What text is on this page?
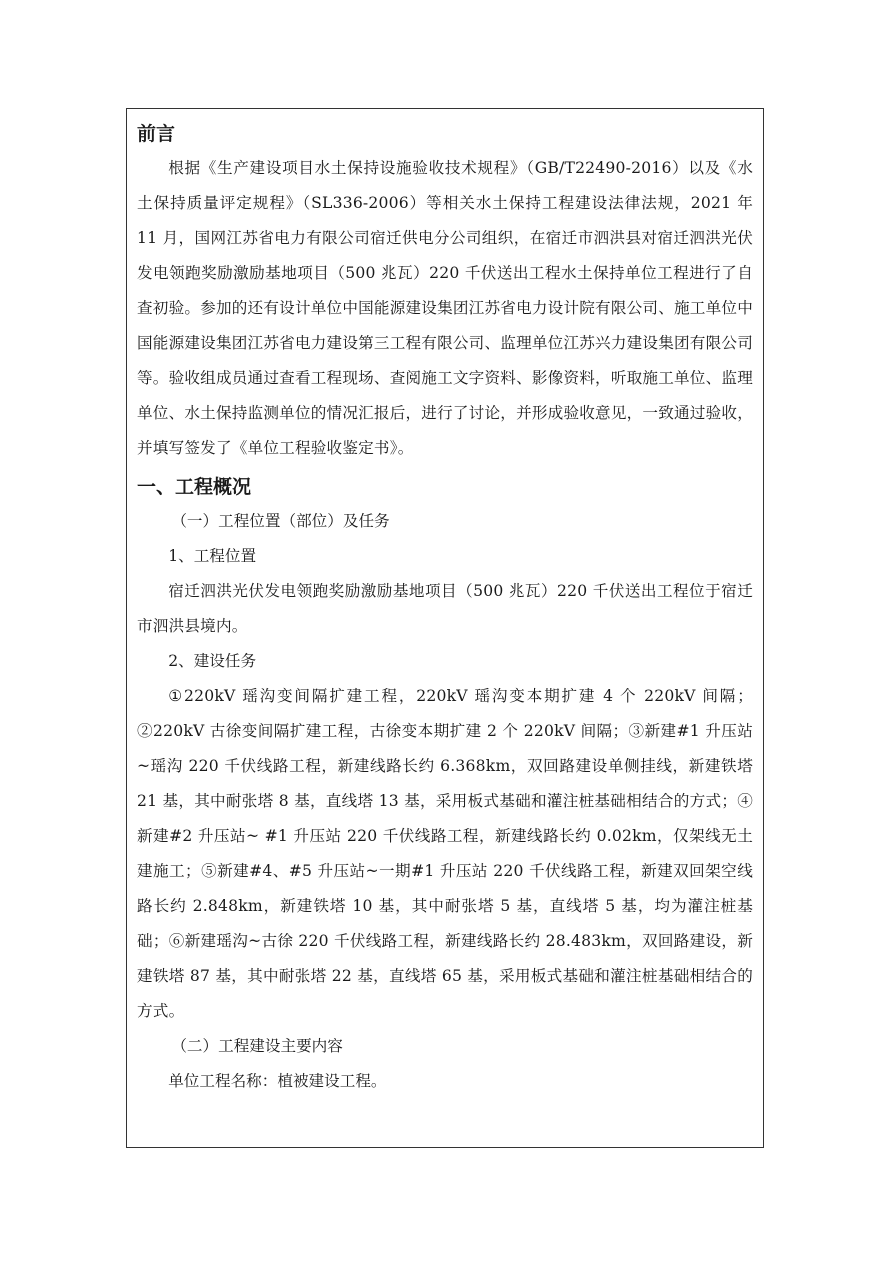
前言

根据《生产建设项目水土保持设施验收技术规程》（GB/T22490-2016）以及《水土保持质量评定规程》（SL336-2006）等相关水土保持工程建设法律法规，2021 年 11 月，国网江苏省电力有限公司宿迁供电分公司组织，在宿迁市泗洪县对宿迁泗洪光伏发电领跑奖励激励基地项目（500 兆瓦）220 千伏送出工程水土保持单位工程进行了自查初验。参加的还有设计单位中国能源建设集团江苏省电力设计院有限公司、施工单位中国能源建设集团江苏省电力建设第三工程有限公司、监理单位江苏兴力建设集团有限公司等。验收组成员通过查看工程现场、查阅施工文字资料、影像资料，听取施工单位、监理单位、水土保持监测单位的情况汇报后，进行了讨论，并形成验收意见，一致通过验收，并填写签发了《单位工程验收鉴定书》。

一、工程概况

（一）工程位置（部位）及任务

1、工程位置

宿迁泗洪光伏发电领跑奖励激励基地项目（500 兆瓦）220 千伏送出工程位于宿迁市泗洪县境内。

2、建设任务

①220kV 瑶沟变间隔扩建工程，220kV 瑶沟变本期扩建 4 个 220kV 间隔；②220kV 古徐变间隔扩建工程，古徐变本期扩建 2 个 220kV 间隔；③新建#1 升压站~瑶沟 220 千伏线路工程，新建线路长约 6.368km，双回路建设单侧挂线，新建铁塔 21 基，其中耐张塔 8 基，直线塔 13 基，采用板式基础和灌注桩基础相结合的方式；④新建#2 升压站~ #1 升压站 220 千伏线路工程，新建线路长约 0.02km，仅架线无土建施工；⑤新建#4、#5 升压站~一期#1 升压站 220 千伏线路工程，新建双回架空线路长约 2.848km，新建铁塔 10 基，其中耐张塔 5 基，直线塔 5 基，均为灌注桩基础；⑥新建瑶沟~古徐 220 千伏线路工程，新建线路长约 28.483km，双回路建设，新建铁塔 87 基，其中耐张塔 22 基，直线塔 65 基，采用板式基础和灌注桩基础相结合的方式。

（二）工程建设主要内容

单位工程名称：植被建设工程。
